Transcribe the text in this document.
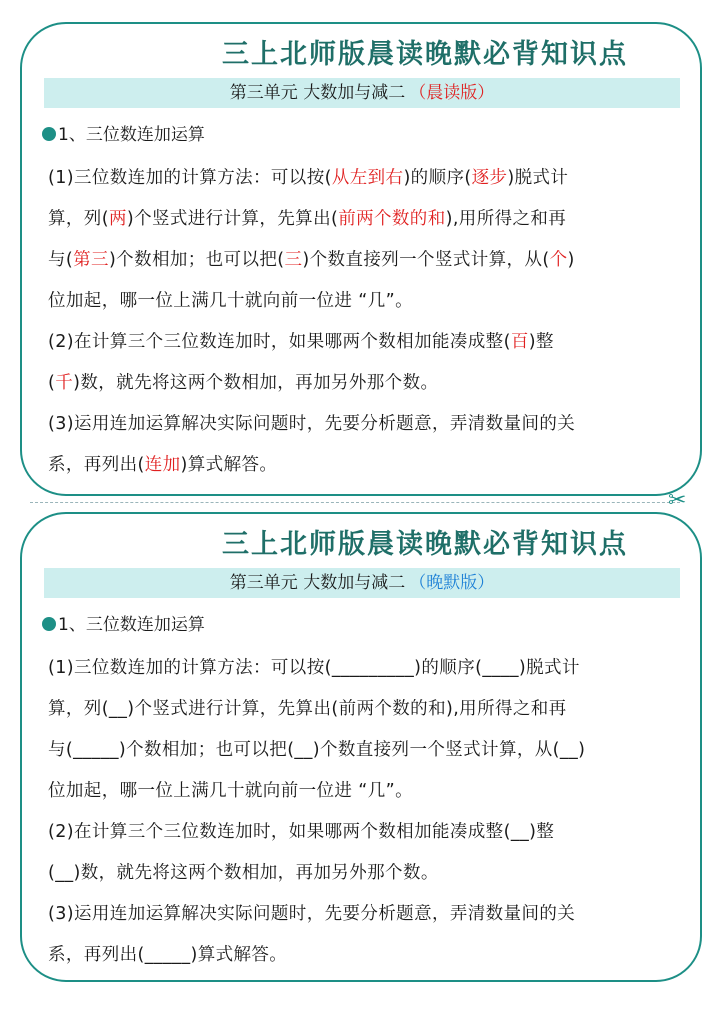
三上北师版晨读晚默必背知识点
第三单元 大数加与减二 （晨读版）
1、三位数连加运算
(1)三位数连加的计算方法：可以按(从左到右)的顺序(逐步)脱式计
算，列(两)个竖式进行计算，先算出(前两个数的和),用所得之和再
与(第三)个数相加；也可以把(三)个数直接列一个竖式计算，从(个)
位加起，哪一位上满几十就向前一位进 “几”。
(2)在计算三个三位数连加时，如果哪两个数相加能凑成整(百)整
(千)数，就先将这两个数相加，再加另外那个数。
(3)运用连加运算解决实际问题时，先要分析题意，弄清数量间的关
系，再列出(连加)算式解答。
✂
三上北师版晨读晚默必背知识点
第三单元 大数加与减二 （晚默版）
1、三位数连加运算
(1)三位数连加的计算方法：可以按(_________)的顺序(____)脱式计
算，列(__)个竖式进行计算，先算出(前两个数的和),用所得之和再
与(_____)个数相加；也可以把(__)个数直接列一个竖式计算，从(__)
位加起，哪一位上满几十就向前一位进 “几”。
(2)在计算三个三位数连加时，如果哪两个数相加能凑成整(__)整
(__)数，就先将这两个数相加，再加另外那个数。
(3)运用连加运算解决实际问题时，先要分析题意，弄清数量间的关
系，再列出(_____)算式解答。
